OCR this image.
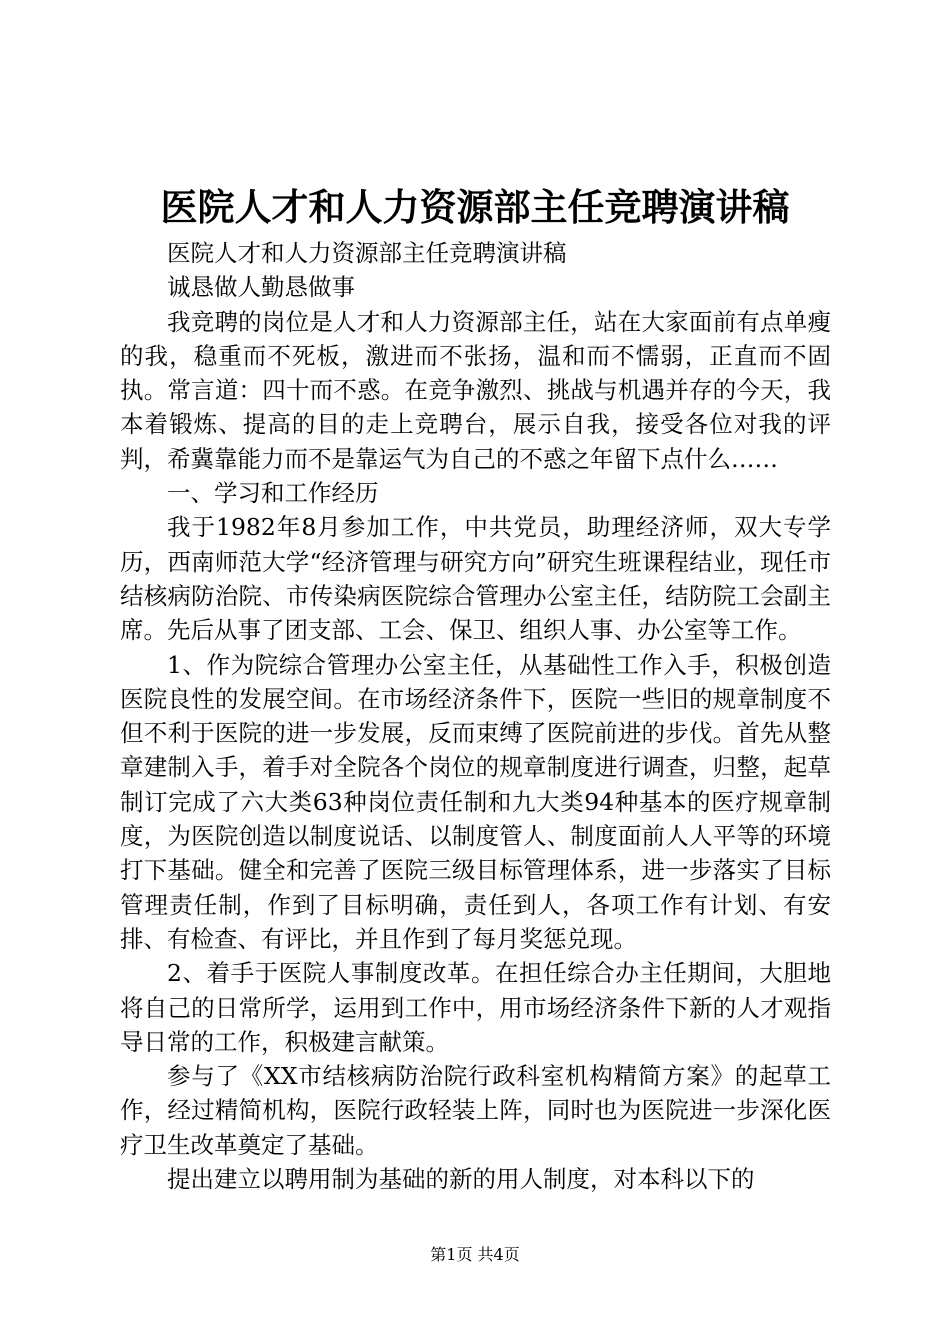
医院人才和人力资源部主任竞聘演讲稿

医院人才和人力资源部主任竞聘演讲稿

诚恳做人勤恳做事

我竞聘的岗位是人才和人力资源部主任，站在大家面前有点单瘦的我，稳重而不死板，激进而不张扬，温和而不懦弱，正直而不固执。常言道：四十而不惑。在竞争激烈、挑战与机遇并存的今天，我本着锻炼、提高的目的走上竞聘台，展示自我，接受各位对我的评判，希冀靠能力而不是靠运气为自己的不惑之年留下点什么……

一、学习和工作经历

我于1982年8月参加工作，中共党员，助理经济师，双大专学历，西南师范大学“经济管理与研究方向”研究生班课程结业，现任市结核病防治院、市传染病医院综合管理办公室主任，结防院工会副主席。先后从事了团支部、工会、保卫、组织人事、办公室等工作。

1、作为院综合管理办公室主任，从基础性工作入手，积极创造医院良性的发展空间。在市场经济条件下，医院一些旧的规章制度不但不利于医院的进一步发展，反而束缚了医院前进的步伐。首先从整章建制入手，着手对全院各个岗位的规章制度进行调查，归整，起草制订完成了六大类63种岗位责任制和九大类94种基本的医疗规章制度，为医院创造以制度说话、以制度管人、制度面前人人平等的环境打下基础。健全和完善了医院三级目标管理体系，进一步落实了目标管理责任制，作到了目标明确，责任到人，各项工作有计划、有安排、有检查、有评比，并且作到了每月奖惩兑现。

2、着手于医院人事制度改革。在担任综合办主任期间，大胆地将自己的日常所学，运用到工作中，用市场经济条件下新的人才观指导日常的工作，积极建言献策。

参与了《XX市结核病防治院行政科室机构精简方案》的起草工作，经过精简机构，医院行政轻装上阵，同时也为医院进一步深化医疗卫生改革奠定了基础。

提出建立以聘用制为基础的新的用人制度，对本科以下的

第1页 共4页
